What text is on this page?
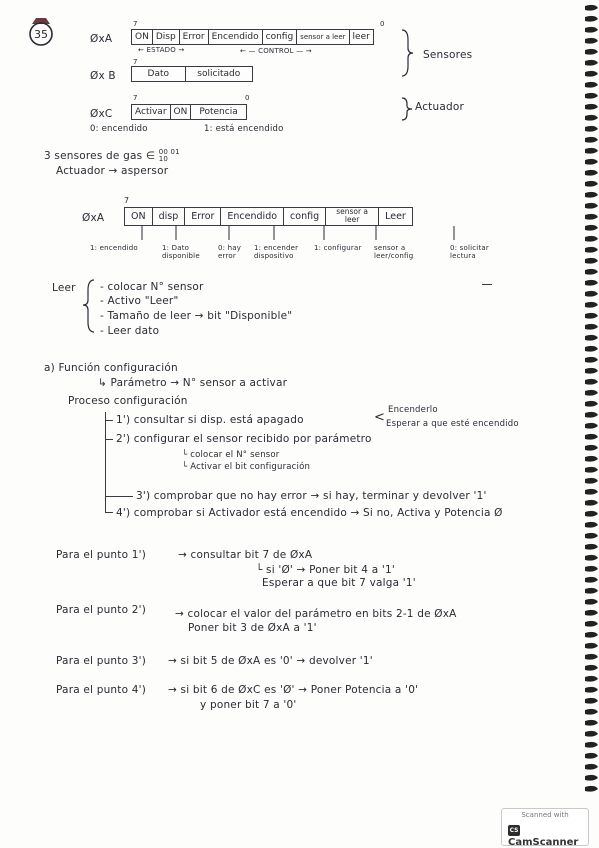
35	ØxA
7	0
ON Disp Error Encendido config	sensor a leer leer
← ESTADO →	← — CONTROL — →
Øx B
7
Dato	solicitado
Sensores
ØxC
7	0
Activar ON	Potencia	Actuador
0: encendido	1: está encendido
3 sensores de gas ∈ 00 01 10
Actuador → aspersor
ØxA
7
ON	disp	Error	Encendido	config	sensor a leer	Leer
1: encendido	1: Dato disponible
0: hay error
1: encender dispositivo
1: configurar sensor a leer/config
0: solicitar lectura
Leer - colocar N° sensor
- Activo "Leer"
- Tamaño de leer → bit "Disponible"
- Leer dato
a) Función configuración
↳ Parámetro → N° sensor a activar
Proceso configuración
1') consultar si disp. está apagado	< Encenderlo
Esperar a que esté encendido
2') configurar el sensor recibido por parámetro
└ colocar el N° sensor
└ Activar el bit configuración
3') comprobar que no hay error → si hay, terminar y devolver '1'
4') comprobar si Activador está encendido → Si no, Activa y Potencia Ø
Para el punto 1')	→ consultar bit 7 de ØxA
└ si 'Ø' → Poner bit 4 a '1'
Esperar a que bit 7 valga '1'
Para el punto 2')	→ colocar el valor del parámetro en bits 2-1 de ØxA
Poner bit 3 de ØxA a '1'
Para el punto 3') → si bit 5 de ØxA es '0' → devolver '1'
Para el punto 4') → si bit 6 de ØxC es 'Ø' → Poner Potencia a '0'
y poner bit 7 a '0'
Scanned with
CSCamScanner
